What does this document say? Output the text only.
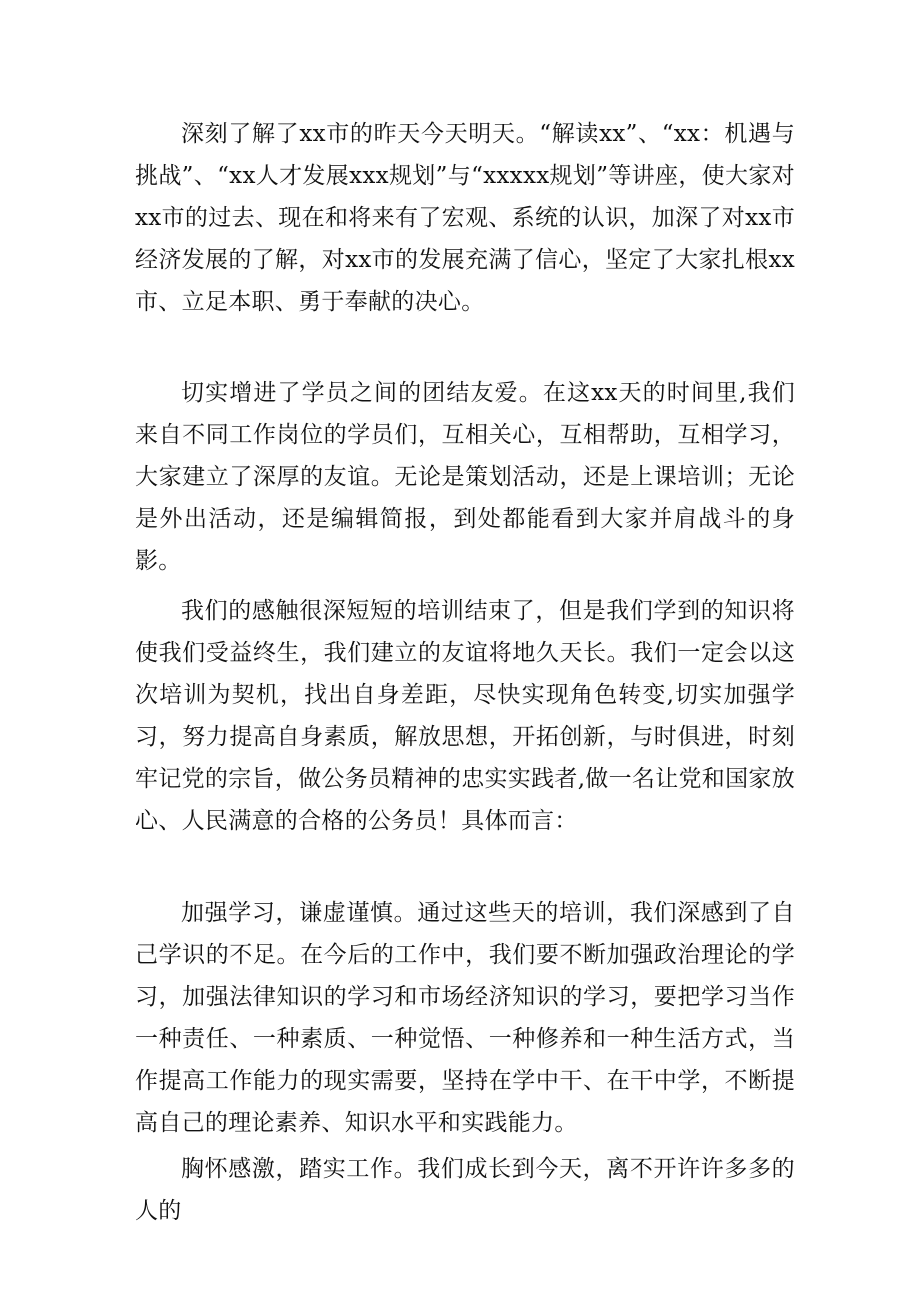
深刻了解了xx市的昨天今天明天。“解读xx”、“xx：机遇与挑战”、“xx人才发展xxx规划”与“xxxxx规划”等讲座，使大家对xx市的过去、现在和将来有了宏观、系统的认识，加深了对xx市经济发展的了解，对xx市的发展充满了信心，坚定了大家扎根xx市、立足本职、勇于奉献的决心。

切实增进了学员之间的团结友爱。在这xx天的时间里,我们来自不同工作岗位的学员们，互相关心，互相帮助，互相学习，大家建立了深厚的友谊。无论是策划活动，还是上课培训；无论是外出活动，还是编辑简报，到处都能看到大家并肩战斗的身影。

我们的感触很深短短的培训结束了，但是我们学到的知识将使我们受益终生，我们建立的友谊将地久天长。我们一定会以这次培训为契机，找出自身差距，尽快实现角色转变,切实加强学习，努力提高自身素质，解放思想，开拓创新，与时俱进，时刻牢记党的宗旨，做公务员精神的忠实实践者,做一名让党和国家放心、人民满意的合格的公务员！具体而言：

加强学习，谦虚谨慎。通过这些天的培训，我们深感到了自己学识的不足。在今后的工作中，我们要不断加强政治理论的学习，加强法律知识的学习和市场经济知识的学习，要把学习当作一种责任、一种素质、一种觉悟、一种修养和一种生活方式，当作提高工作能力的现实需要，坚持在学中干、在干中学，不断提高自己的理论素养、知识水平和实践能力。

胸怀感激，踏实工作。我们成长到今天，离不开许许多多的人的
